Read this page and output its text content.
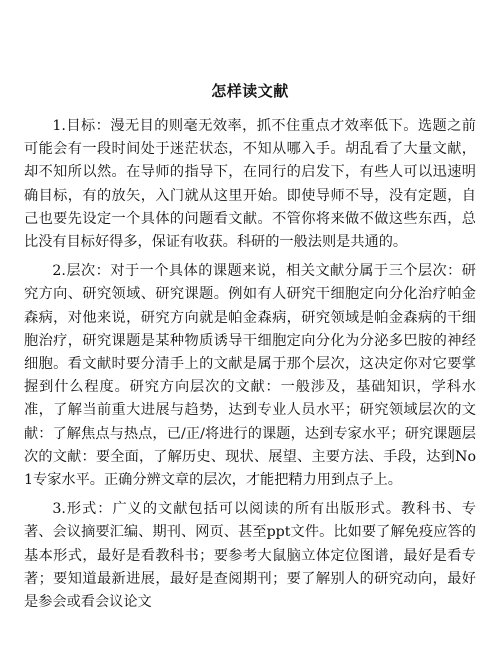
怎样读文献

1.目标：漫无目的则毫无效率，抓不住重点才效率低下。选题之前可能会有一段时间处于迷茫状态，不知从哪入手。胡乱看了大量文献，却不知所以然。在导师的指导下，在同行的启发下，有些人可以迅速明确目标，有的放矢，入门就从这里开始。即使导师不导，没有定题，自己也要先设定一个具体的问题看文献。不管你将来做不做这些东西，总比没有目标好得多，保证有收获。科研的一般法则是共通的。

2.层次：对于一个具体的课题来说，相关文献分属于三个层次：研究方向、研究领域、研究课题。例如有人研究干细胞定向分化治疗帕金森病，对他来说，研究方向就是帕金森病，研究领域是帕金森病的干细胞治疗，研究课题是某种物质诱导干细胞定向分化为分泌多巴胺的神经细胞。看文献时要分清手上的文献是属于那个层次，这决定你对它要掌握到什么程度。研究方向层次的文献：一般涉及，基础知识，学科水准，了解当前重大进展与趋势，达到专业人员水平；研究领域层次的文献：了解焦点与热点，已/正/将进行的课题，达到专家水平；研究课题层次的文献：要全面，了解历史、现状、展望、主要方法、手段，达到No1专家水平。正确分辨文章的层次，才能把精力用到点子上。

3.形式：广义的文献包括可以阅读的所有出版形式。教科书、专著、会议摘要汇编、期刊、网页、甚至ppt文件。比如要了解免疫应答的基本形式，最好是看教科书；要参考大鼠脑立体定位图谱，最好是看专著；要知道最新进展，最好是查阅期刊；要了解别人的研究动向，最好是参会或看会议论文
